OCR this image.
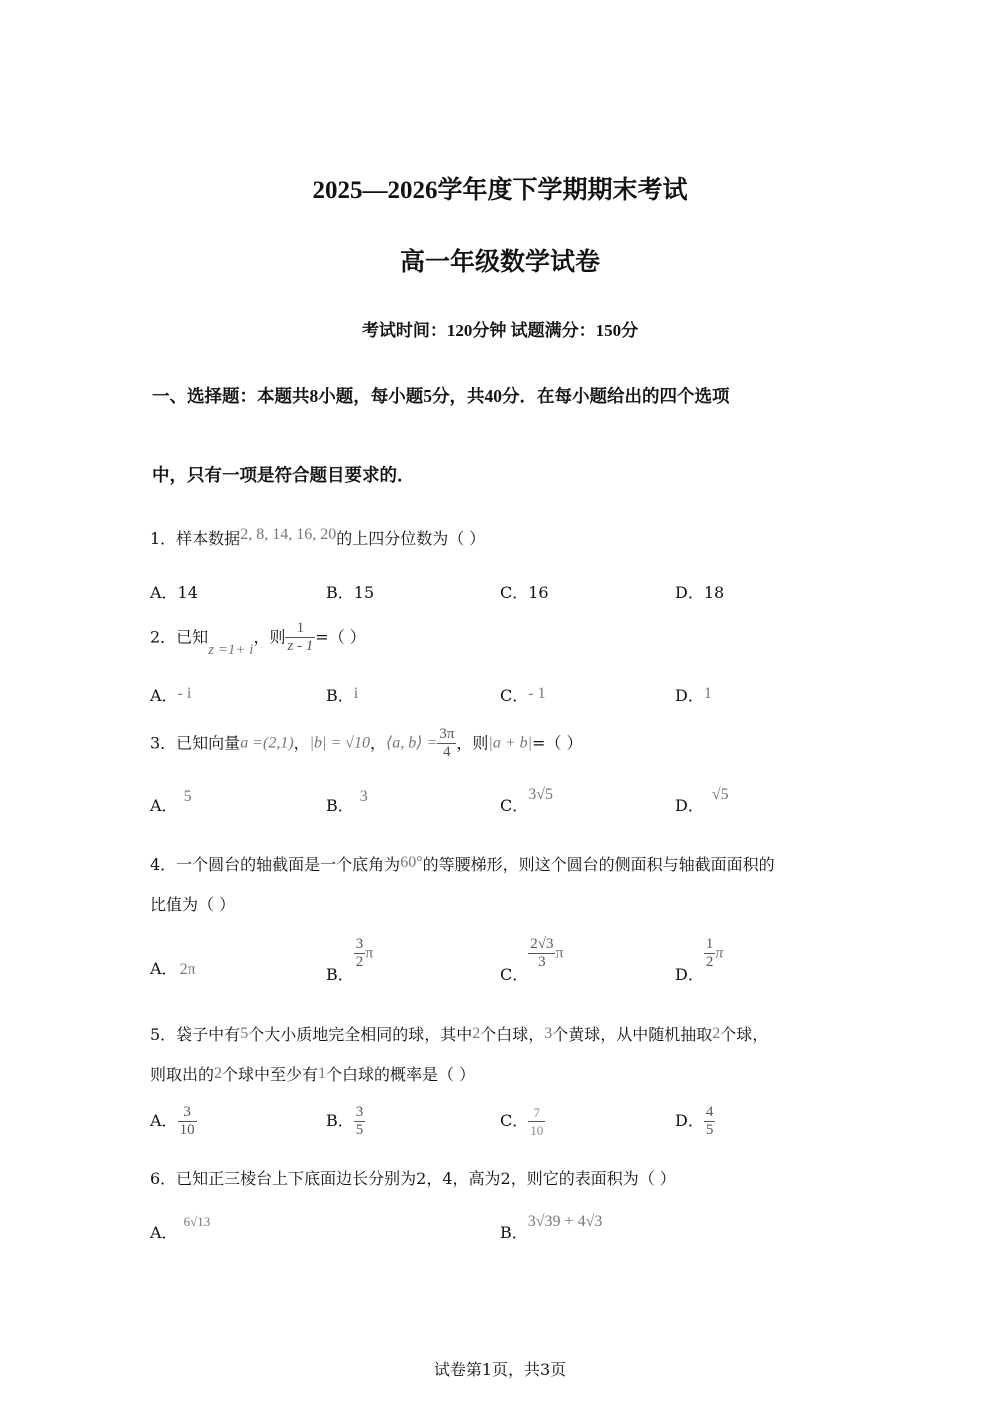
2025—2026学年度下学期期末考试
高一年级数学试卷
考试时间：120分钟 试题满分：150分
一、选择题：本题共8小题，每小题5分，共40分．在每小题给出的四个选项
中，只有一项是符合题目要求的．
1．样本数据2, 8, 14, 16, 20的上四分位数为（ ）
A．14	B．15	C．16	D．18
2．已知z =1+ i，则 $\frac{1}{z - 1}$ =（ ）
A．- i	B．i	C．- 1	D．1
3．已知向量a =(2,1)，|b| = √10，⟨a, b⟩ = $\frac{3\pi}{4}$ ，则|a + b|=（ ）
A． 5	B． 3	C．3√5
D．√5
4．一个圆台的轴截面是一个底角为60°的等腰梯形，则这个圆台的侧面积与轴截面面积的
比值为（ ）
A． 2π	B．
$\frac{3}{2}$ π
C．
$\frac{2√3}{3}$ π
D．
$\frac{1}{2}$ π
5．袋子中有5个大小质地完全相同的球，其中2个白球，3个黄球，从中随机抽取2个球，
则取出的2个球中至少有1个白球的概率是（ ）
A． $\frac{3}{10}$	B． $\frac{3}{5}$	C． $\frac{7}{10}$	D． $\frac{4}{5}$
6．已知正三棱台上下底面边长分别为2，4，高为2，则它的表面积为（ ）
A．$^{6√13}$
B．3√39 + 4√3
试卷第1页，共3页
